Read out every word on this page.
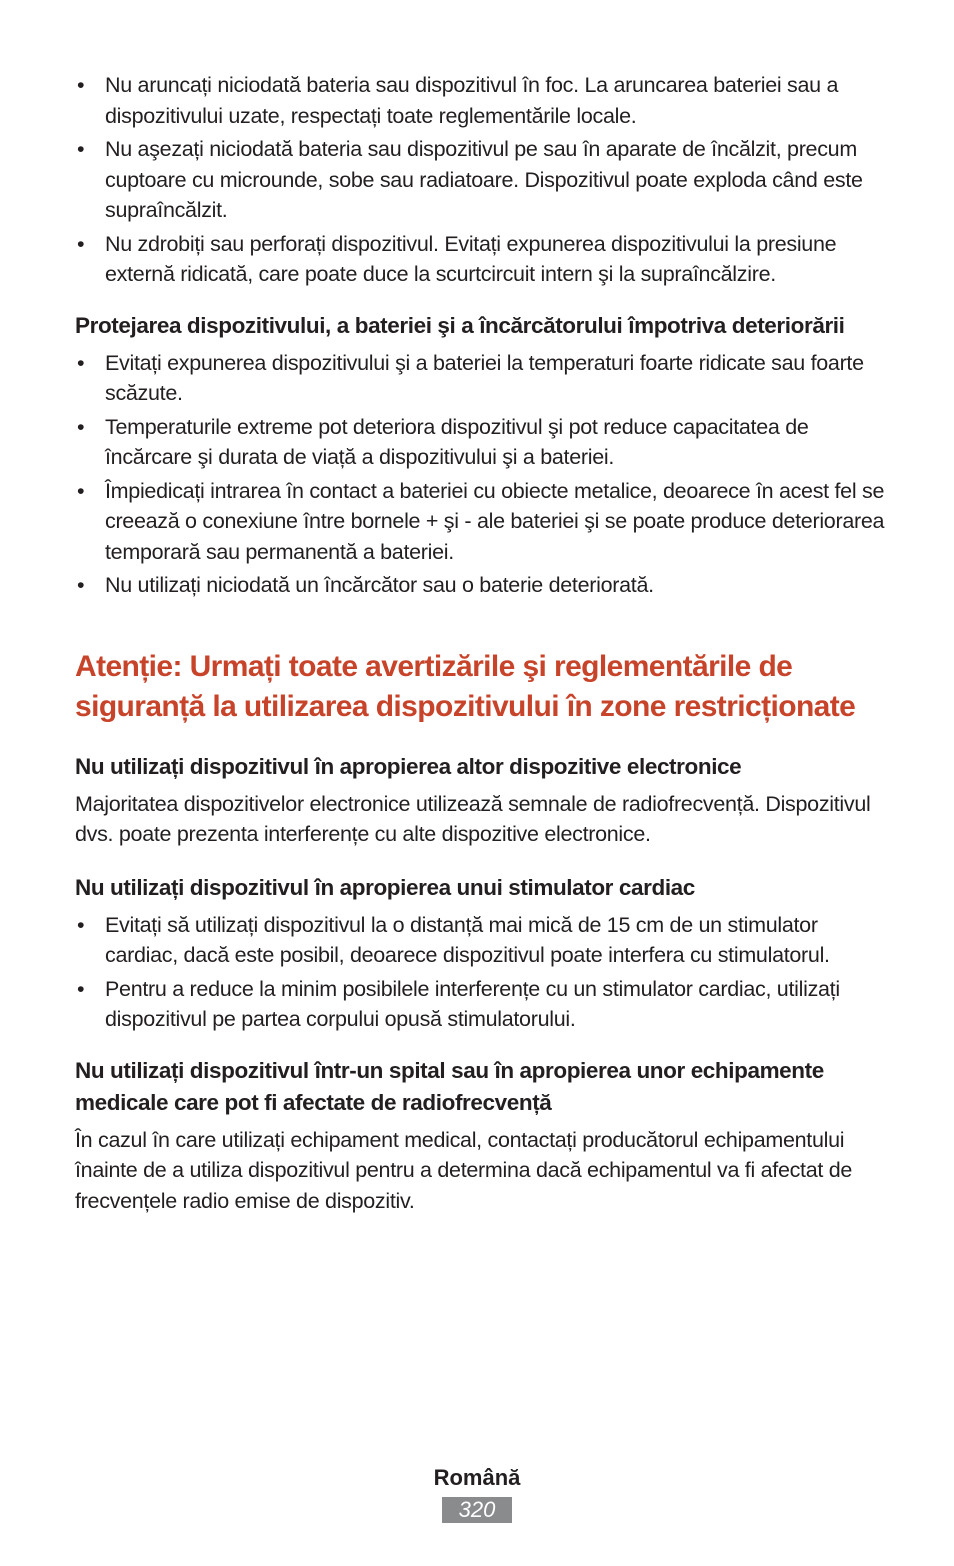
• Nu aruncați niciodată bateria sau dispozitivul în foc. La aruncarea bateriei sau a dispozitivului uzate, respectați toate reglementările locale.
• Nu aşezați niciodată bateria sau dispozitivul pe sau în aparate de încălzit, precum cuptoare cu microunde, sobe sau radiatoare. Dispozitivul poate exploda când este supraîncălzit.
• Nu zdrobiți sau perforați dispozitivul. Evitați expunerea dispozitivului la presiune externă ridicată, care poate duce la scurtcircuit intern şi la supraîncălzire.
Protejarea dispozitivului, a bateriei şi a încărcătorului împotriva deteriorării
• Evitați expunerea dispozitivului şi a bateriei la temperaturi foarte ridicate sau foarte scăzute.
• Temperaturile extreme pot deteriora dispozitivul şi pot reduce capacitatea de încărcare şi durata de viață a dispozitivului şi a bateriei.
• Împiedicați intrarea în contact a bateriei cu obiecte metalice, deoarece în acest fel se creează o conexiune între bornele + şi - ale bateriei şi se poate produce deteriorarea temporară sau permanentă a bateriei.
• Nu utilizați niciodată un încărcător sau o baterie deteriorată.
Atenție: Urmați toate avertizările şi reglementările de siguranță la utilizarea dispozitivului în zone restricționate
Nu utilizați dispozitivul în apropierea altor dispozitive electronice

Majoritatea dispozitivelor electronice utilizează semnale de radiofrecvență. Dispozitivul dvs. poate prezenta interferențe cu alte dispozitive electronice.

Nu utilizați dispozitivul în apropierea unui stimulator cardiac
• Evitați să utilizați dispozitivul la o distanță mai mică de 15 cm de un stimulator cardiac, dacă este posibil, deoarece dispozitivul poate interfera cu stimulatorul.
• Pentru a reduce la minim posibilele interferențe cu un stimulator cardiac, utilizați dispozitivul pe partea corpului opusă stimulatorului.
Nu utilizați dispozitivul într-un spital sau în apropierea unor echipamente medicale care pot fi afectate de radiofrecvență

În cazul în care utilizați echipament medical, contactați producătorul echipamentului înainte de a utiliza dispozitivul pentru a determina dacă echipamentul va fi afectat de frecvențele radio emise de dispozitiv.

Română
320
